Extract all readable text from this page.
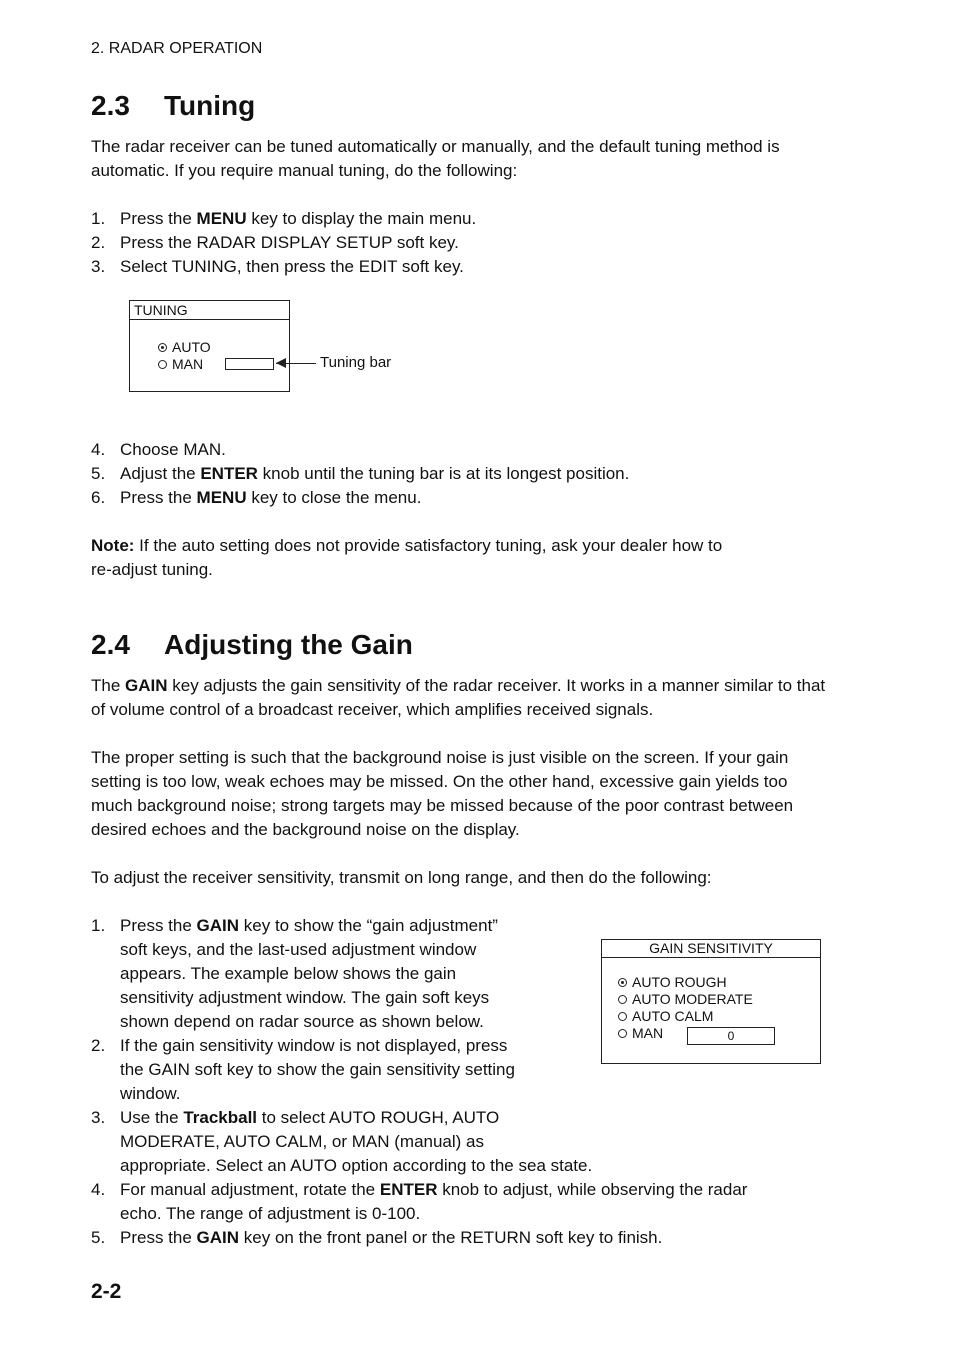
2. RADAR OPERATION
2.3 Tuning

The radar receiver can be tuned automatically or manually, and the default tuning method is automatic. If you require manual tuning, do the following:

1. Press the MENU key to display the main menu.
2. Press the RADAR DISPLAY SETUP soft key.
3. Select TUNING, then press the EDIT soft key.
TUNING
AUTO
MAN	Tuning bar
4. Choose MAN.
5. Adjust the ENTER knob until the tuning bar is at its longest position.
6. Press the MENU key to close the menu.
Note: If the auto setting does not provide satisfactory tuning, ask your dealer how to
re-adjust tuning.
2.4 Adjusting the Gain

The GAIN key adjusts the gain sensitivity of the radar receiver. It works in a manner similar to that of volume control of a broadcast receiver, which amplifies received signals.

The proper setting is such that the background noise is just visible on the screen. If your gain setting is too low, weak echoes may be missed. On the other hand, excessive gain yields too much background noise; strong targets may be missed because of the poor contrast between desired echoes and the background noise on the display.

To adjust the receiver sensitivity, transmit on long range, and then do the following:

1. Press the GAIN key to show the “gain adjustment”
soft keys, and the last-used adjustment window
appears. The example below shows the gain
sensitivity adjustment window. The gain soft keys
shown depend on radar source as shown below.
2. If the gain sensitivity window is not displayed, press
the GAIN soft key to show the gain sensitivity setting
window.
3. Use the Trackball to select AUTO ROUGH, AUTO
MODERATE, AUTO CALM, or MAN (manual) as
appropriate. Select an AUTO option according to the sea state.
4. For manual adjustment, rotate the ENTER knob to adjust, while observing the radar
echo. The range of adjustment is 0-100.
5. Press the GAIN key on the front panel or the RETURN soft key to finish.
GAIN SENSITIVITY
AUTO ROUGH
AUTO MODERATE
AUTO CALM
MAN	0
2-2
